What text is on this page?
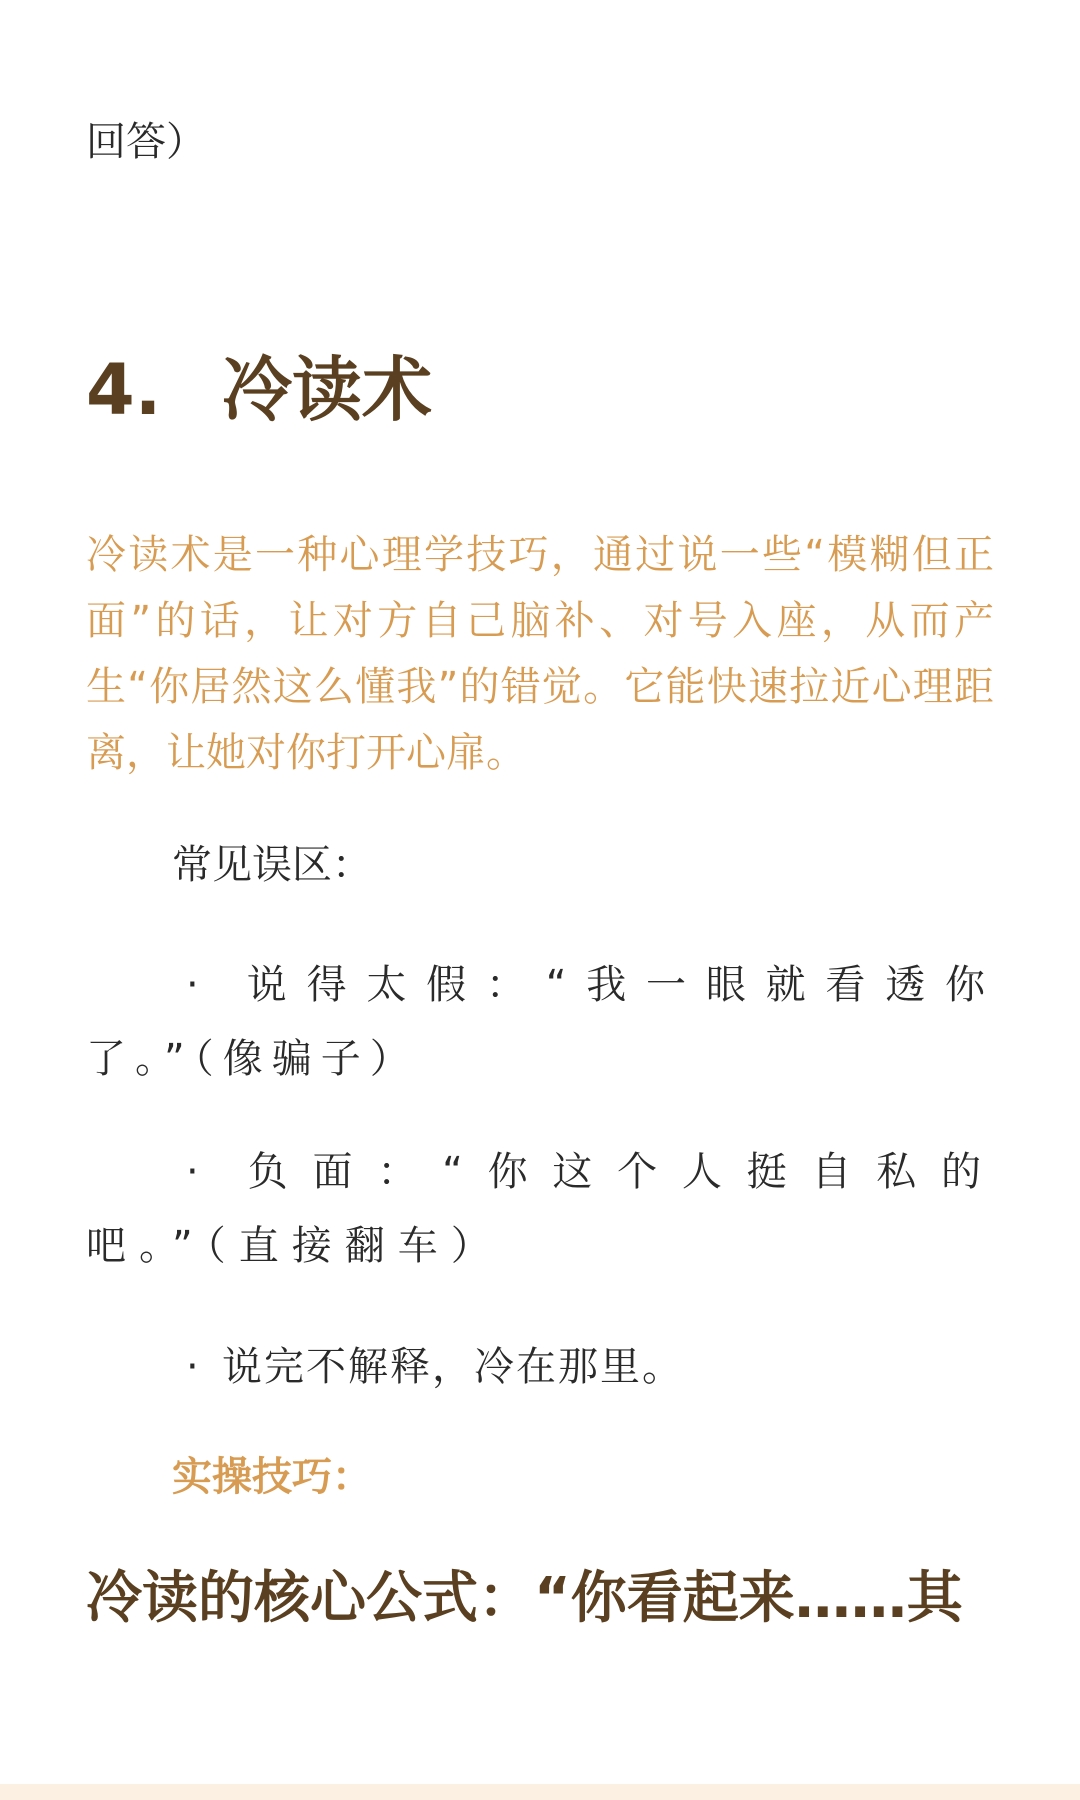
回答）

4. 冷读术

冷读术是一种心理学技巧，通过说一些“模糊但正面”的话，让对方自己脑补、对号入座，从而产生“你居然这么懂我”的错觉。它能快速拉近心理距离，让她对你打开心扉。

常见误区：

· 说得太假：“我一眼就看透你了。”（像骗子）

· 负面：“你这个人挺自私的吧。”（直接翻车）

· 说完不解释，冷在那里。

实操技巧：

冷读的核心公式：“你看起来……其
